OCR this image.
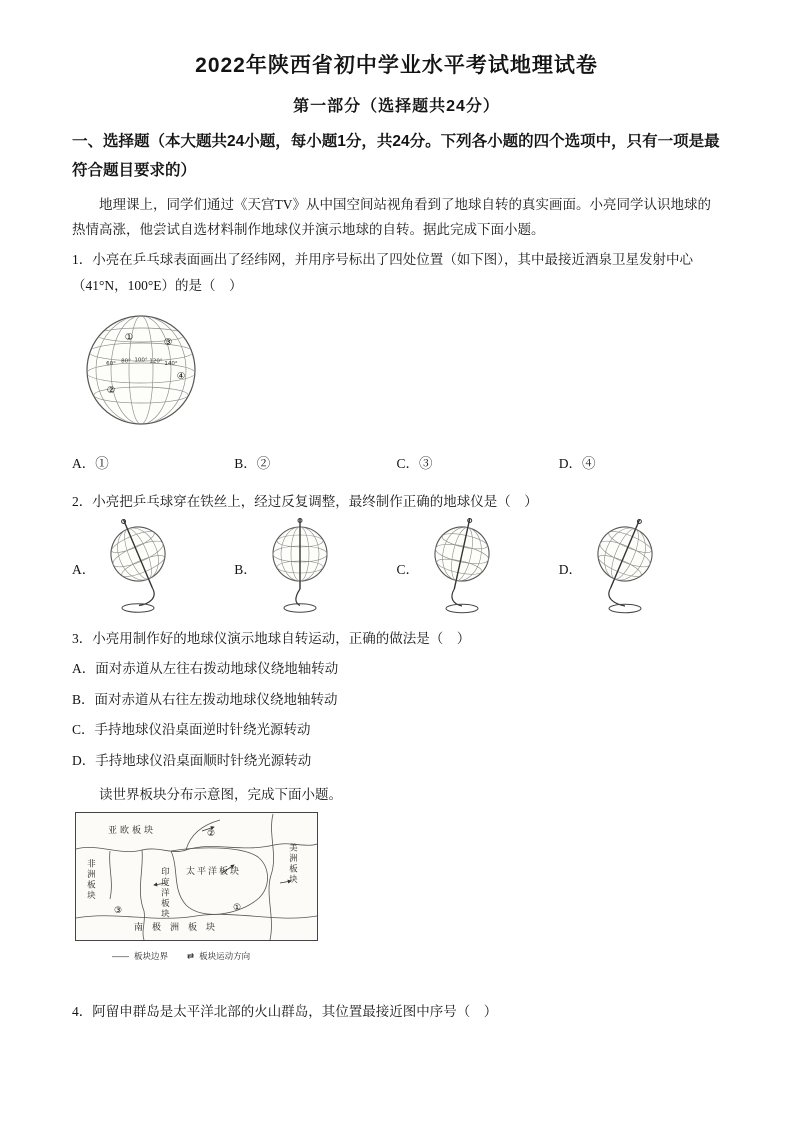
2022年陕西省初中学业水平考试地理试卷
第一部分（选择题共24分）

一、选择题（本大题共24小题，每小题1分，共24分。下列各小题的四个选项中，只有一项是最符合题目要求的）

地理课上，同学们通过《天宫TV》从中国空间站视角看到了地球自转的真实画面。小亮同学认识地球的热情高涨，他尝试自选材料制作地球仪并演示地球的自转。据此完成下面小题。

1．小亮在乒乓球表面画出了经纬网，并用序号标出了四处位置（如下图），其中最接近酒泉卫星发射中心（41°N，100°E）的是（　）

①	③
②
④
60° 80° 100° 120° 140°
A．①	B．②	C．③	D．④

2．小亮把乒乓球穿在铁丝上，经过反复调整，最终制作正确的地球仪是（　）

A．	B．	C．	D．

3．小亮用制作好的地球仪演示地球自转运动，正确的做法是（　）

A．面对赤道从左往右拨动地球仪绕地轴转动

B．面对赤道从右往左拨动地球仪绕地轴转动

C．手持地球仪沿桌面逆时针绕光源转动

D．手持地球仪沿桌面顺时针绕光源转动

读世界板块分布示意图，完成下面小题。

②
①
③
亚欧板块
太平洋板块
非洲板块	印度洋板块
美洲板块
南极洲板块
—— 板块边界 ⇄ 板块运动方向

4．阿留申群岛是太平洋北部的火山群岛，其位置最接近图中序号（　）
